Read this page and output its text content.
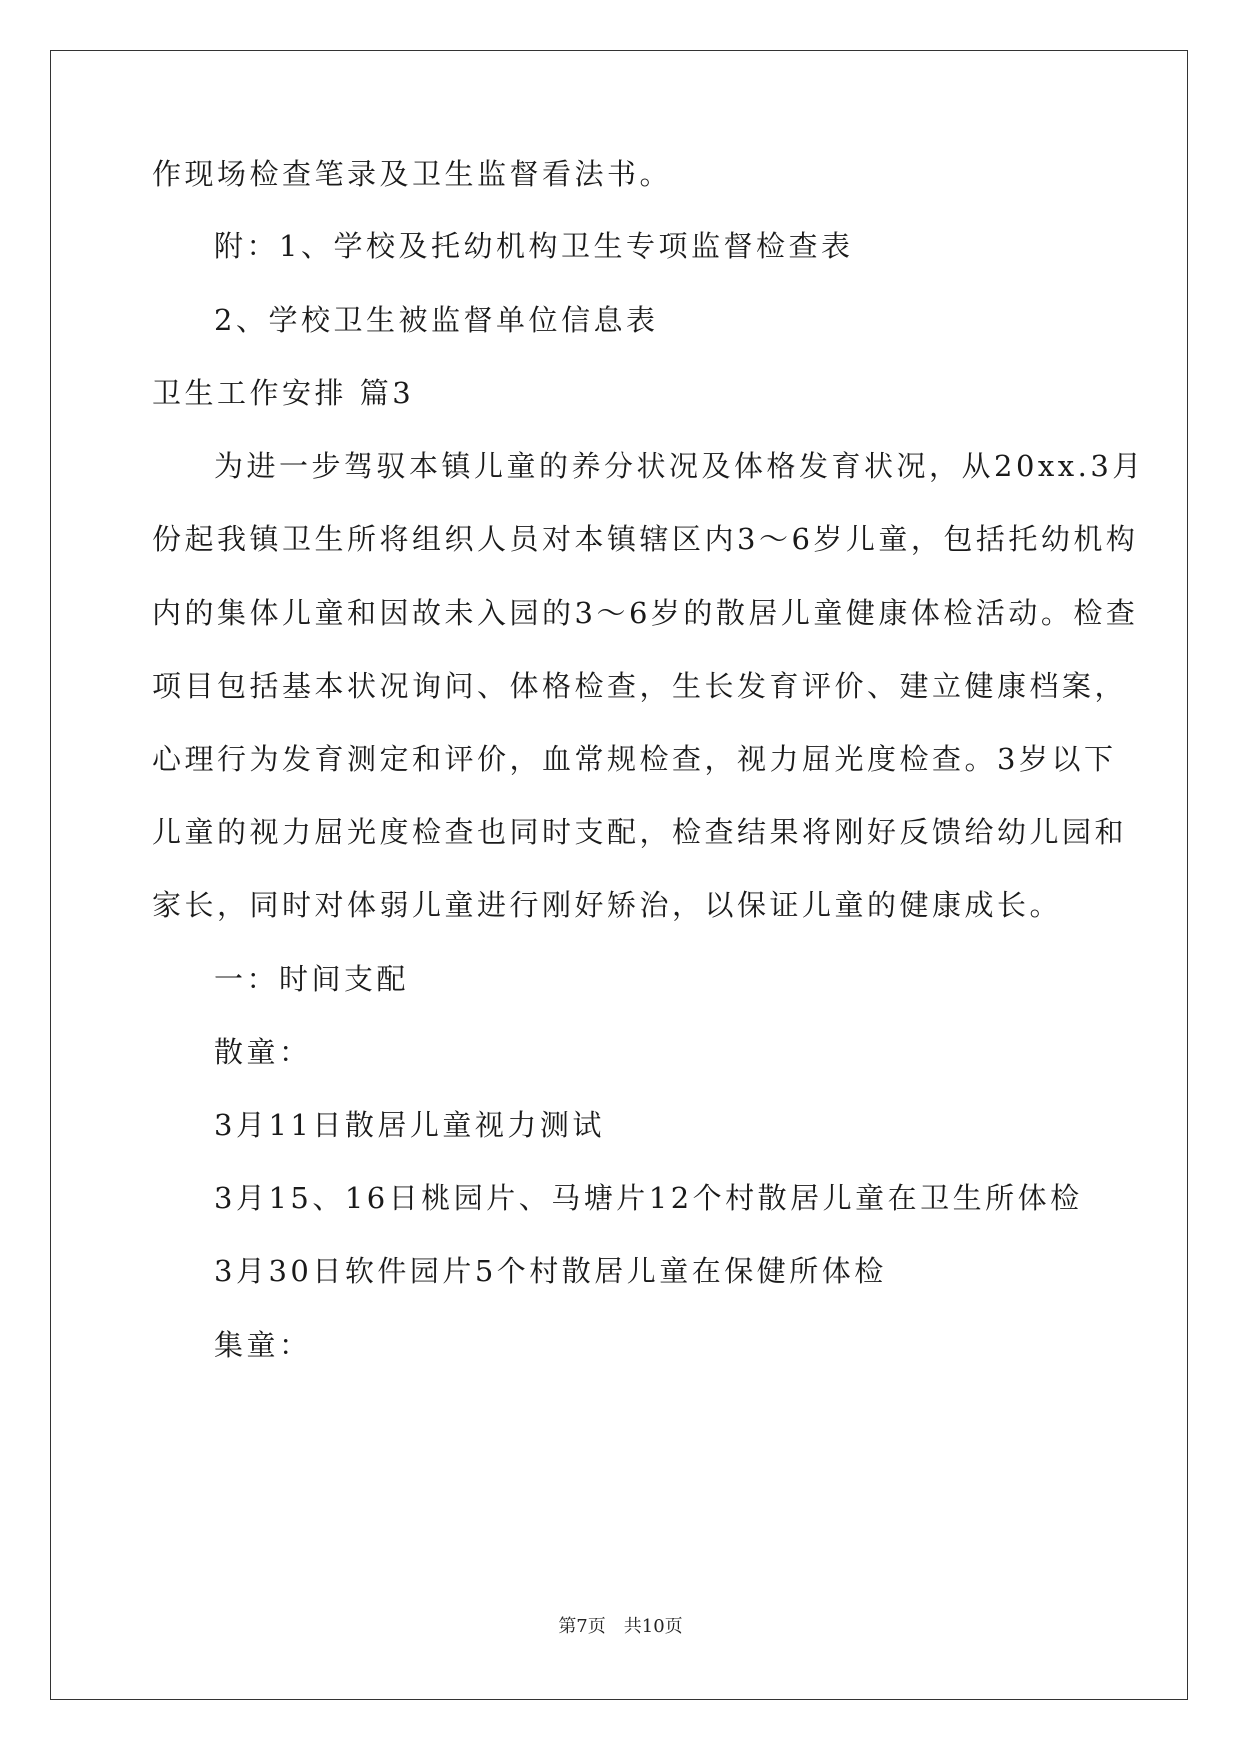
作现场检查笔录及卫生监督看法书。
附：1、学校及托幼机构卫生专项监督检查表
2、学校卫生被监督单位信息表
卫生工作安排 篇3
为进一步驾驭本镇儿童的养分状况及体格发育状况，从20xx.3月
份起我镇卫生所将组织人员对本镇辖区内3～6岁儿童，包括托幼机构
内的集体儿童和因故未入园的3～6岁的散居儿童健康体检活动。检查
项目包括基本状况询问、体格检查，生长发育评价、建立健康档案，
心理行为发育测定和评价，血常规检查，视力屈光度检查。3岁以下
儿童的视力屈光度检查也同时支配，检查结果将刚好反馈给幼儿园和
家长，同时对体弱儿童进行刚好矫治，以保证儿童的健康成长。
一：时间支配
散童：
3月11日散居儿童视力测试
3月15、16日桃园片、马塘片12个村散居儿童在卫生所体检
3月30日软件园片5个村散居儿童在保健所体检
集童：
第7页　共10页
